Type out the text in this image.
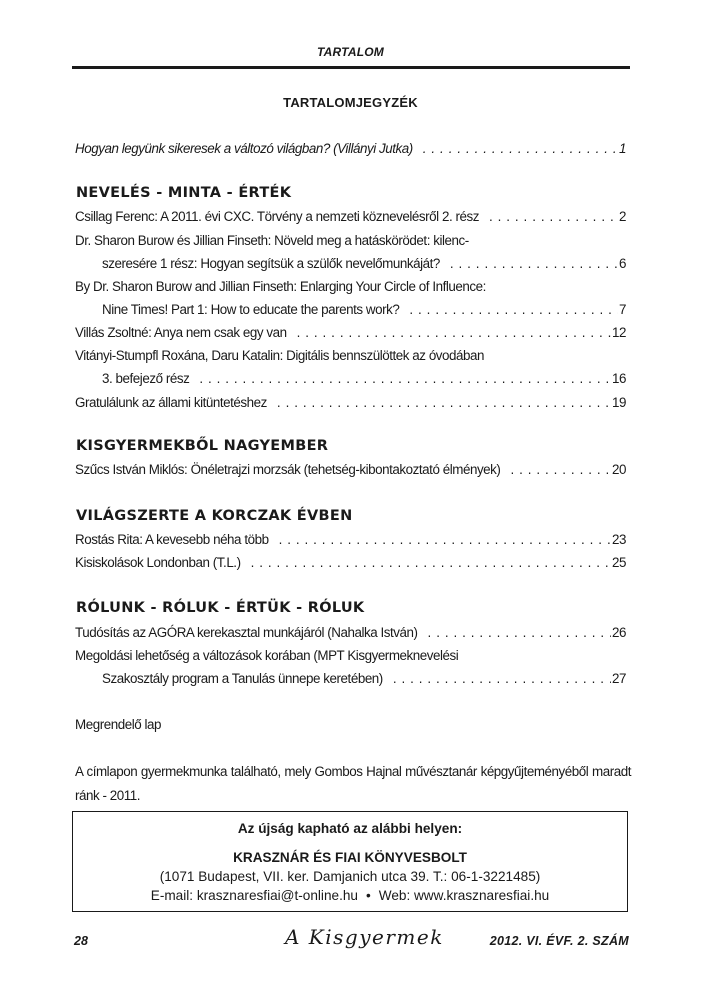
TARTALOM
TARTALOMJEGYZÉK
Hogyan legyünk sikeresek a változó világban? (Villányi Jutka) . . .	1
NEVELÉS - MINTA - ÉRTÉK
Csillag Ferenc: A 2011. évi CXC. Törvény a nemzeti köznevelésről 2. rész . . .	2
Dr. Sharon Burow és Jillian Finseth: Növeld meg a hatáskörödet: kilenc-
szeresére 1 rész: Hogyan segítsük a szülők nevelőmunkáját? . . .	6
By Dr. Sharon Burow and Jillian Finseth: Enlarging Your Circle of Influence:
Nine Times! Part 1: How to educate the parents work? . . .	7
Villás Zsoltné: Anya nem csak egy van . . .	12
Vitányi-Stumpfl Roxána, Daru Katalin: Digitális bennszülöttek az óvodában
3. befejező rész . . .	16
Gratulálunk az állami kitüntetéshez . . .	19
KISGYERMEKBŐL NAGYEMBER
Szűcs István Miklós: Önéletrajzi morzsák (tehetség-kibontakoztató élmények) . . .	20
VILÁGSZERTE A KORCZAK ÉVBEN
Rostás Rita: A kevesebb néha több . . .	23
Kisiskolások Londonban (T.L.) . . .	25
RÓLUNK - RÓLUK - ÉRTÜK - RÓLUK
Tudósítás az AGÓRA kerekasztal munkájáról (Nahalka István) . . .	26
Megoldási lehetőség a változások korában (MPT Kisgyermeknevelési
Szakosztály program a Tanulás ünnepe keretében) . . .	27
Megrendelő lap
A címlapon gyermekmunka található, mely Gombos Hajnal művésztanár képgyűjteményéből maradt ránk - 2011.
Az újság kapható az alábbi helyen:
KRASZNÁR ÉS FIAI KÖNYVESBOLT
(1071 Budapest, VII. ker. Damjanich utca 39. T.: 06-1-3221485)
E-mail: krasznaresfiai@t-online.hu • Web: www.krasznaresfiai.hu
28	A Kisgyermek	2012. VI. ÉVF. 2. SZÁM
